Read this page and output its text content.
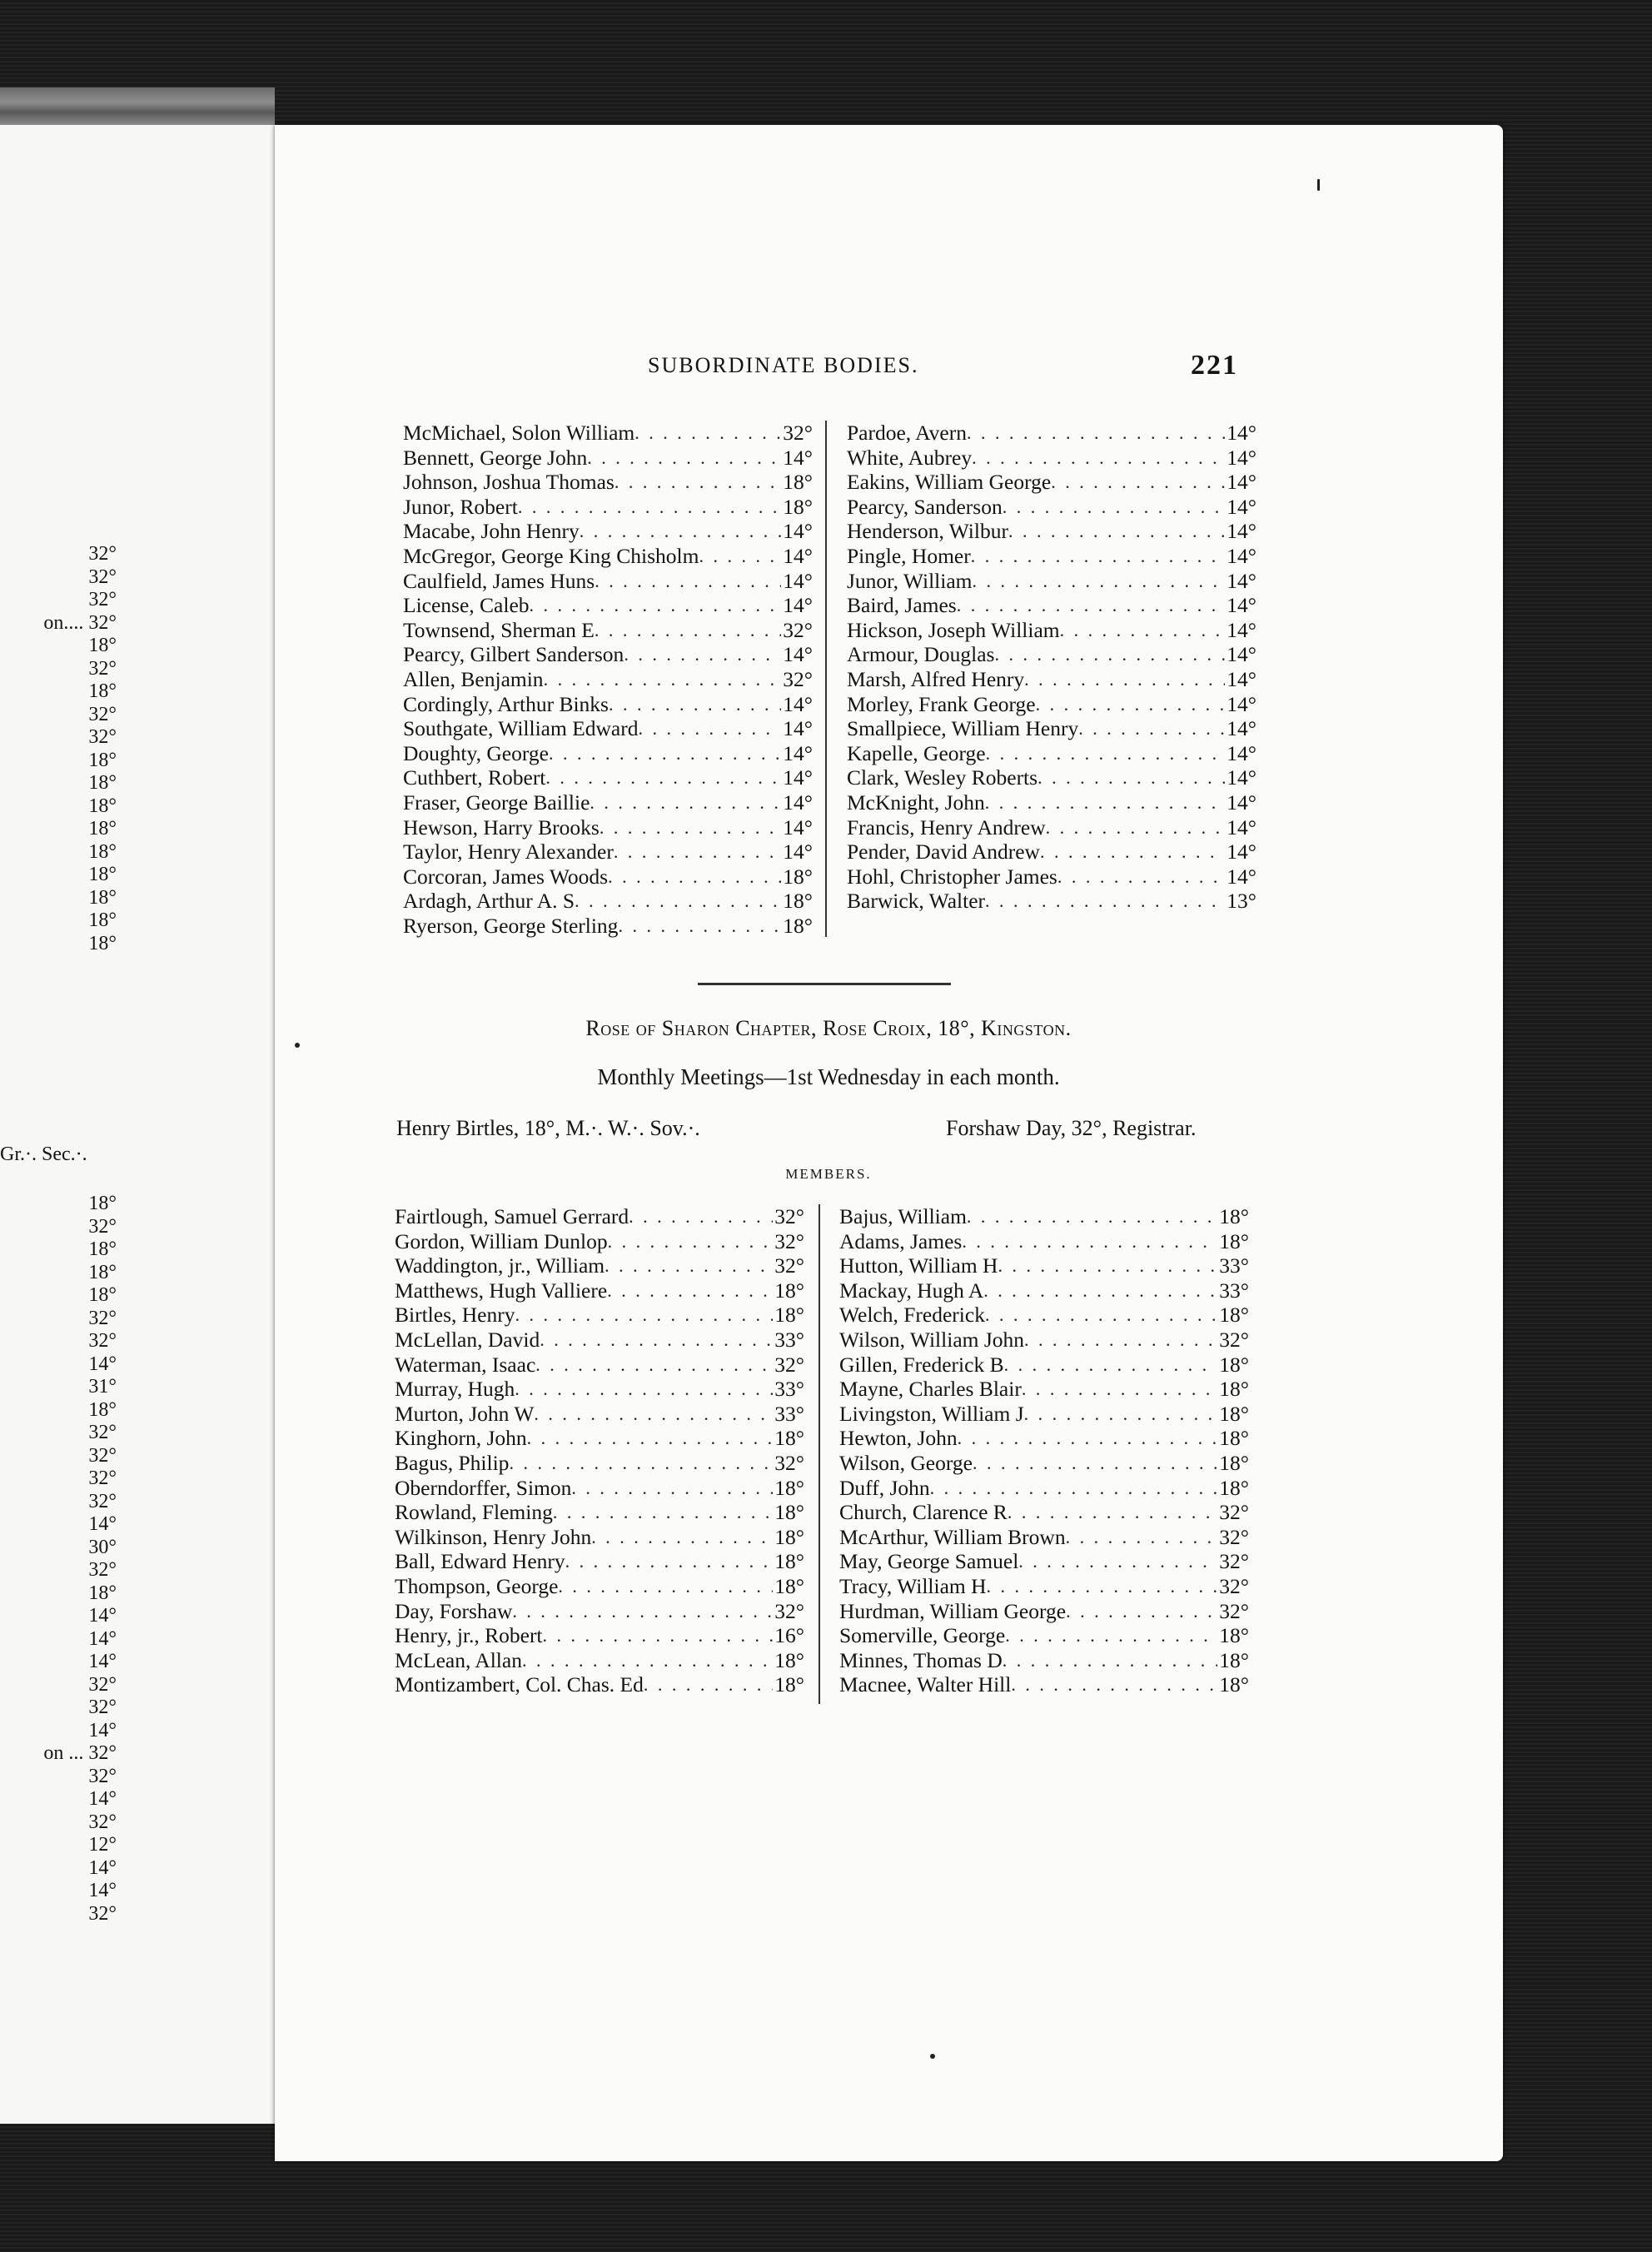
32°
32°
32°
on.... 32°
18°
32°
18°
32°
32°
18°
18°
18°
18°
18°
18°
18°
18°
18°
Gr.·. Sec.·.
18°
32°
18°
18°
18°
32°
32°
14°
31°
18°
32°
32°
32°
32°
14°
30°
32°
18°
14°
14°
14°
32°
32°
14°
on ... 32°
32°
14°
32°
12°
14°
14°
32°
SUBORDINATE BODIES.	221
McMichael, Solon William . . .	32°
Bennett, George John . . .	14°
Johnson, Joshua Thomas . . .	18°
Junor, Robert . . .	18°
Macabe, John Henry . . .	14°
McGregor, George King Chisholm . . .	14°
Caulfield, James Huns . . .	14°
License, Caleb . . .	14°
Townsend, Sherman E . . .	32°
Pearcy, Gilbert Sanderson . . .	14°
Allen, Benjamin . . .	32°
Cordingly, Arthur Binks . . .	14°
Southgate, William Edward . . .	14°
Doughty, George . . .	14°
Cuthbert, Robert . . .	14°
Fraser, George Baillie . . .	14°
Hewson, Harry Brooks . . .	14°
Taylor, Henry Alexander . . .	14°
Corcoran, James Woods . . .	18°
Ardagh, Arthur A. S . . .	18°
Ryerson, George Sterling . . .	18°
Pardoe, Avern . . .	14°
White, Aubrey . . .	14°
Eakins, William George . . .	14°
Pearcy, Sanderson . . .	14°
Henderson, Wilbur . . .	14°
Pingle, Homer . . .	14°
Junor, William . . .	14°
Baird, James . . .	14°
Hickson, Joseph William . . .	14°
Armour, Douglas . . .	14°
Marsh, Alfred Henry . . .	14°
Morley, Frank George . . .	14°
Smallpiece, William Henry . . .	14°
Kapelle, George . . .	14°
Clark, Wesley Roberts . . .	14°
McKnight, John . . .	14°
Francis, Henry Andrew . . .	14°
Pender, David Andrew . . .	14°
Hohl, Christopher James . . .	14°
Barwick, Walter . . .	13°
Rose of Sharon Chapter, Rose Croix, 18°, Kingston.
Monthly Meetings—1st Wednesday in each month.
Henry Birtles, 18°, M.·. W.·. Sov.·.	Forshaw Day, 32°, Registrar.
MEMBERS.
Fairtlough, Samuel Gerrard . . .	32°
Gordon, William Dunlop . . .	32°
Waddington, jr., William . . .	32°
Matthews, Hugh Valliere . . .	18°
Birtles, Henry . . .	18°
McLellan, David . . .	33°
Waterman, Isaac . . .	32°
Murray, Hugh . . .	33°
Murton, John W . . .	33°
Kinghorn, John . . .	18°
Bagus, Philip . . .	32°
Oberndorffer, Simon . . .	18°
Rowland, Fleming . . .	18°
Wilkinson, Henry John . . .	18°
Ball, Edward Henry . . .	18°
Thompson, George . . .	18°
Day, Forshaw . . .	32°
Henry, jr., Robert . . .	16°
McLean, Allan . . .	18°
Montizambert, Col. Chas. Ed . . .	18°
Bajus, William . . .	18°
Adams, James . . .	18°
Hutton, William H . . .	33°
Mackay, Hugh A . . .	33°
Welch, Frederick . . .	18°
Wilson, William John . . .	32°
Gillen, Frederick B . . .	18°
Mayne, Charles Blair . . .	18°
Livingston, William J . . .	18°
Hewton, John . . .	18°
Wilson, George . . .	18°
Duff, John . . .	18°
Church, Clarence R . . .	32°
McArthur, William Brown . . .	32°
May, George Samuel . . .	32°
Tracy, William H . . .	32°
Hurdman, William George . . .	32°
Somerville, George . . .	18°
Minnes, Thomas D . . .	18°
Macnee, Walter Hill . . .	18°
